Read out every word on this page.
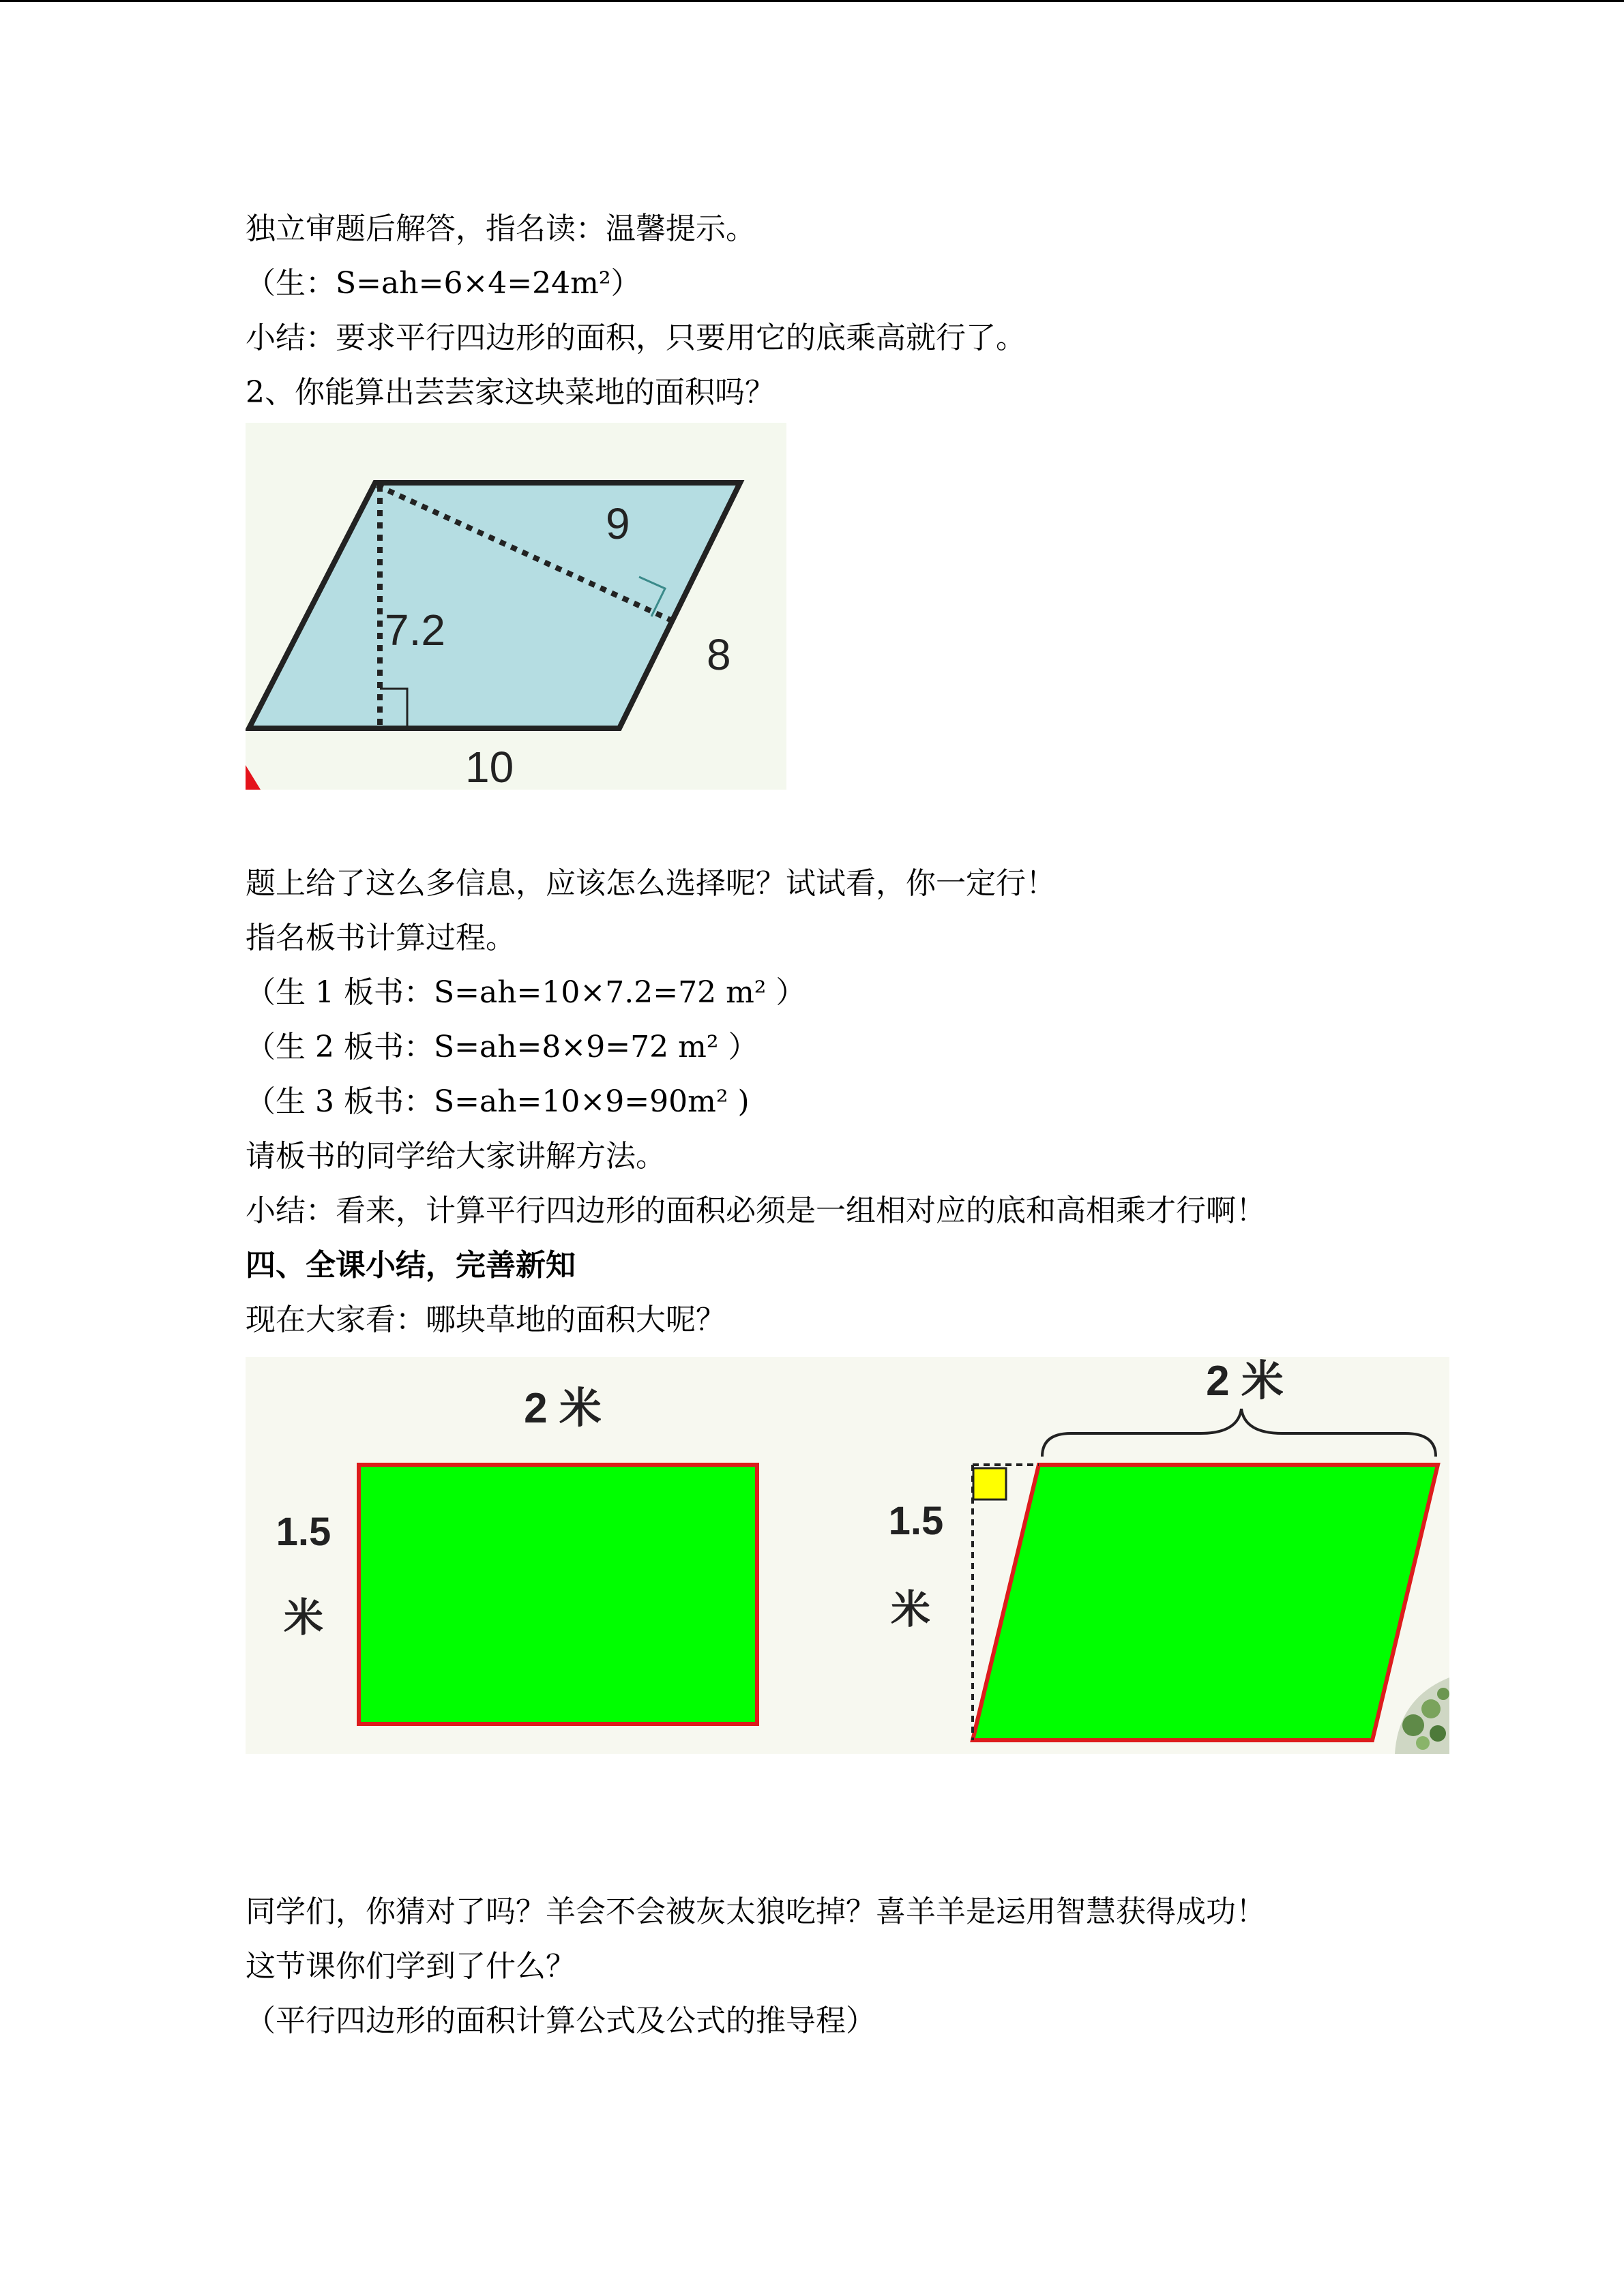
独立审题后解答，指名读：温馨提示。

（生：S=ah=6×4=24m²）

小结：要求平行四边形的面积，只要用它的底乘高就行了。

2、你能算出芸芸家这块菜地的面积吗？

7.2
9
8
10

题上给了这么多信息，应该怎么选择呢？试试看，你一定行！

指名板书计算过程。

（生 1 板书：S=ah=10×7.2=72 m² ）

（生 2 板书：S=ah=8×9=72 m² ）

（生 3 板书：S=ah=10×9=90m² )

请板书的同学给大家讲解方法。

小结：看来，计算平行四边形的面积必须是一组相对应的底和高相乘才行啊！

四、全课小结，完善新知

现在大家看：哪块草地的面积大呢？

2 米
1.5
米
2 米
1.5
米

同学们，你猜对了吗？羊会不会被灰太狼吃掉？喜羊羊是运用智慧获得成功！

这节课你们学到了什么？

（平行四边形的面积计算公式及公式的推导程）
